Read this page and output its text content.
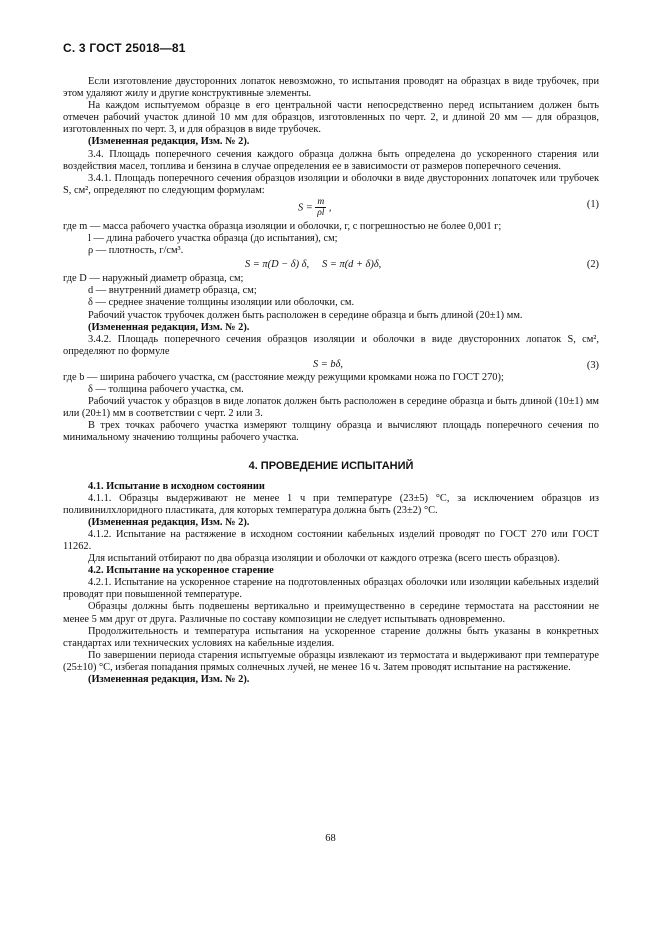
С. 3 ГОСТ 25018—81

Если изготовление двусторонних лопаток невозможно, то испытания проводят на образцах в виде трубочек, при этом удаляют жилу и другие конструктивные элементы.

На каждом испытуемом образце в его центральной части непосредственно перед испытанием должен быть отмечен рабочий участок длиной 10 мм для образцов, изготовленных по черт. 2, и длиной 20 мм — для образцов, изготовленных по черт. 3, и для образцов в виде трубочек.

(Измененная редакция, Изм. № 2).

3.4. Площадь поперечного сечения каждого образца должна быть определена до ускоренного старения или воздействия масел, топлива и бензина в случае определения ее в зависимости от размеров поперечного сечения.

3.4.1. Площадь поперечного сечения образцов изоляции и оболочки в виде двусторонних лопаточек или трубочек S, см², определяют по следующим формулам:

$S = \frac{m}{\rho l}$ ,	(1)

где m — масса рабочего участка образца изоляции и оболочки, г, с погрешностью не более 0,001 г;

l — длина рабочего участка образца (до испытания), см;

ρ — плотность, г/см³.

S = π(D − δ) δ,     S = π(d + δ)δ,	(2)

где D — наружный диаметр образца, см;

d — внутренний диаметр образца, см;

δ — среднее значение толщины изоляции или оболочки, см.

Рабочий участок трубочек должен быть расположен в середине образца и быть длиной (20±1) мм.

(Измененная редакция, Изм. № 2).

3.4.2. Площадь поперечного сечения образцов изоляции и оболочки в виде двусторонних лопаток S, см², определяют по формуле

S = bδ,	(3)

где b — ширина рабочего участка, см (расстояние между режущими кромками ножа по ГОСТ 270);

δ — толщина рабочего участка, см.

Рабочий участок у образцов в виде лопаток должен быть расположен в середине образца и быть длиной (10±1) мм или (20±1) мм в соответствии с черт. 2 или 3.

В трех точках рабочего участка измеряют толщину образца и вычисляют площадь поперечного сечения по минимальному значению толщины рабочего участка.

4. ПРОВЕДЕНИЕ ИСПЫТАНИЙ

4.1. Испытание в исходном состоянии

4.1.1. Образцы выдерживают не менее 1 ч при температуре (23±5) °С, за исключением образцов из поливинилхлоридного пластиката, для которых температура должна быть (23±2) °С.

(Измененная редакция, Изм. № 2).

4.1.2. Испытание на растяжение в исходном состоянии кабельных изделий проводят по ГОСТ 270 или ГОСТ 11262.

Для испытаний отбирают по два образца изоляции и оболочки от каждого отрезка (всего шесть образцов).

4.2. Испытание на ускоренное старение

4.2.1. Испытание на ускоренное старение на подготовленных образцах оболочки или изоляции кабельных изделий проводят при повышенной температуре.

Образцы должны быть подвешены вертикально и преимущественно в середине термостата на расстоянии не менее 5 мм друг от друга. Различные по составу композиции не следует испытывать одновременно.

Продолжительность и температура испытания на ускоренное старение должны быть указаны в конкретных стандартах или технических условиях на кабельные изделия.

По завершении периода старения испытуемые образцы извлекают из термостата и выдерживают при температуре (25±10) °С, избегая попадания прямых солнечных лучей, не менее 16 ч. Затем проводят испытание на растяжение.

(Измененная редакция, Изм. № 2).

68
